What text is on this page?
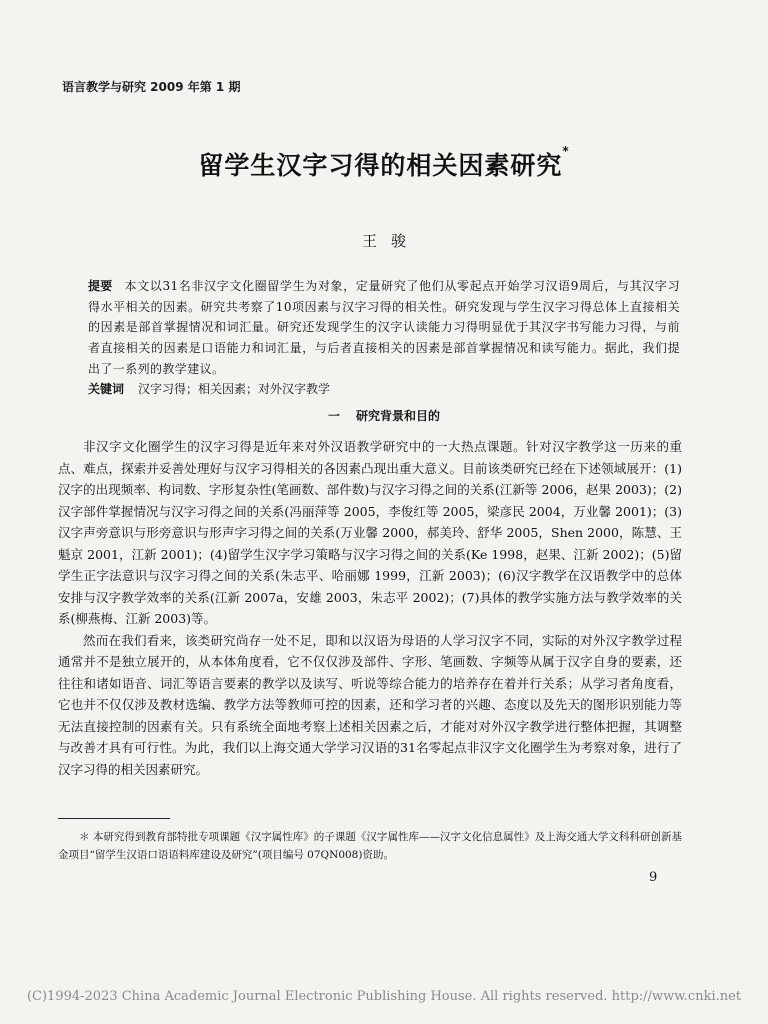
语言教学与研究 2009 年第 1 期
留学生汉字习得的相关因素研究*
王骏
提要 本文以31名非汉字文化圈留学生为对象，定量研究了他们从零起点开始学习汉语9周后，与其汉字习得水平相关的因素。研究共考察了10项因素与汉字习得的相关性。研究发现与学生汉字习得总体上直接相关的因素是部首掌握情况和词汇量。研究还发现学生的汉字认读能力习得明显优于其汉字书写能力习得，与前者直接相关的因素是口语能力和词汇量，与后者直接相关的因素是部首掌握情况和读写能力。据此，我们提出了一系列的教学建议。
关键词 汉字习得；相关因素；对外汉字教学
一 研究背景和目的

非汉字文化圈学生的汉字习得是近年来对外汉语教学研究中的一大热点课题。针对汉字教学这一历来的重点、难点，探索并妥善处理好与汉字习得相关的各因素凸现出重大意义。目前该类研究已经在下述领域展开：(1)汉字的出现频率、构词数、字形复杂性(笔画数、部件数)与汉字习得之间的关系(江新等 2006，赵果 2003)；(2)汉字部件掌握情况与汉字习得之间的关系(冯丽萍等 2005，李俊红等 2005，梁彦民 2004，万业馨 2001)；(3)汉字声旁意识与形旁意识与形声字习得之间的关系(万业馨 2000，郝美玲、舒华 2005，Shen 2000，陈慧、王魁京 2001，江新 2001)；(4)留学生汉字学习策略与汉字习得之间的关系(Ke 1998，赵果、江新 2002)；(5)留学生正字法意识与汉字习得之间的关系(朱志平、哈丽娜 1999，江新 2003)；(6)汉字教学在汉语教学中的总体安排与汉字教学效率的关系(江新 2007a，安雄 2003，朱志平 2002)；(7)具体的教学实施方法与教学效率的关系(柳燕梅、江新 2003)等。

然而在我们看来，该类研究尚存一处不足，即和以汉语为母语的人学习汉字不同，实际的对外汉字教学过程通常并不是独立展开的，从本体角度看，它不仅仅涉及部件、字形、笔画数、字频等从属于汉字自身的要素，还往往和诸如语音、词汇等语言要素的教学以及读写、听说等综合能力的培养存在着并行关系；从学习者角度看，它也并不仅仅涉及教材选编、教学方法等教师可控的因素，还和学习者的兴趣、态度以及先天的图形识别能力等无法直接控制的因素有关。只有系统全面地考察上述相关因素之后，才能对对外汉字教学进行整体把握，其调整与改善才具有可行性。为此，我们以上海交通大学学习汉语的31名零起点非汉字文化圈学生为考察对象，进行了汉字习得的相关因素研究。

＊ 本研究得到教育部特批专项课题《汉字属性库》的子课题《汉字属性库——汉字文化信息属性》及上海交通大学文科科研创新基金项目“留学生汉语口语语料库建设及研究”(项目编号 07QN008)资助。
9
(C)1994-2023 China Academic Journal Electronic Publishing House. All rights reserved. http://www.cnki.net
